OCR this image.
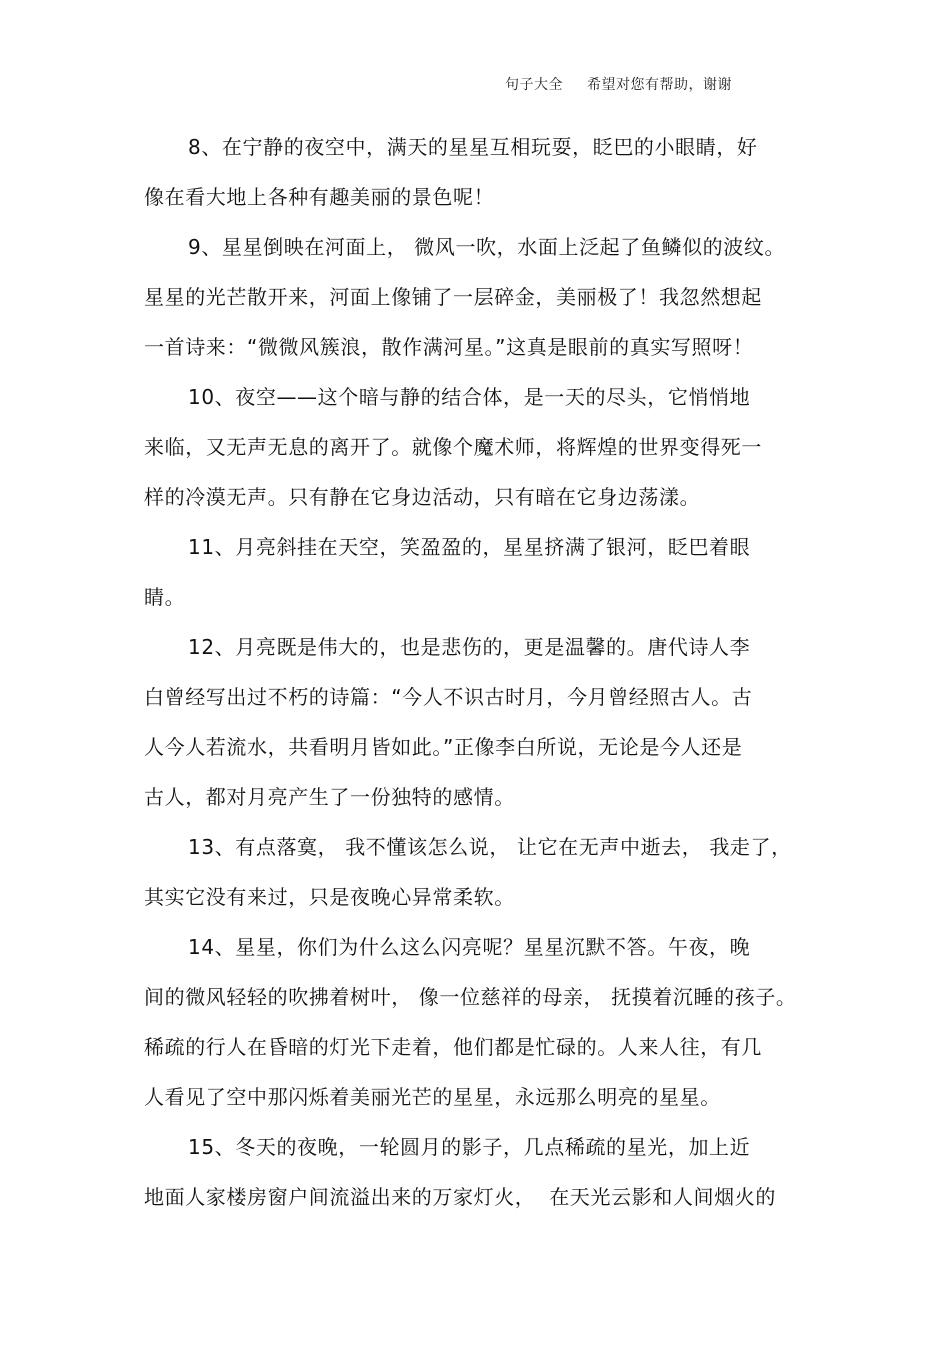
句子大全 希望对您有帮助，谢谢
8、在宁静的夜空中，满天的星星互相玩耍，眨巴的小眼睛，好
像在看大地上各种有趣美丽的景色呢！
9、星星倒映在河面上， 微风一吹，水面上泛起了鱼鳞似的波纹。
星星的光芒散开来，河面上像铺了一层碎金，美丽极了！我忽然想起
一首诗来：“微微风簇浪，散作满河星。”这真是眼前的真实写照呀！
10、夜空——这个暗与静的结合体，是一天的尽头，它悄悄地
来临，又无声无息的离开了。就像个魔术师，将辉煌的世界变得死一
样的冷漠无声。只有静在它身边活动，只有暗在它身边荡漾。
11、月亮斜挂在天空，笑盈盈的，星星挤满了银河，眨巴着眼
睛。
12、月亮既是伟大的，也是悲伤的，更是温馨的。唐代诗人李
白曾经写出过不朽的诗篇：“今人不识古时月，今月曾经照古人。古
人今人若流水，共看明月皆如此。”正像李白所说，无论是今人还是
古人，都对月亮产生了一份独特的感情。
13、有点落寞， 我不懂该怎么说， 让它在无声中逝去， 我走了，
其实它没有来过，只是夜晚心异常柔软。
14、星星，你们为什么这么闪亮呢？星星沉默不答。午夜，晚
间的微风轻轻的吹拂着树叶， 像一位慈祥的母亲， 抚摸着沉睡的孩子。
稀疏的行人在昏暗的灯光下走着，他们都是忙碌的。人来人往，有几
人看见了空中那闪烁着美丽光芒的星星，永远那么明亮的星星。
15、冬天的夜晚，一轮圆月的影子，几点稀疏的星光，加上近
地面人家楼房窗户间流溢出来的万家灯火，  在天光云影和人间烟火的
